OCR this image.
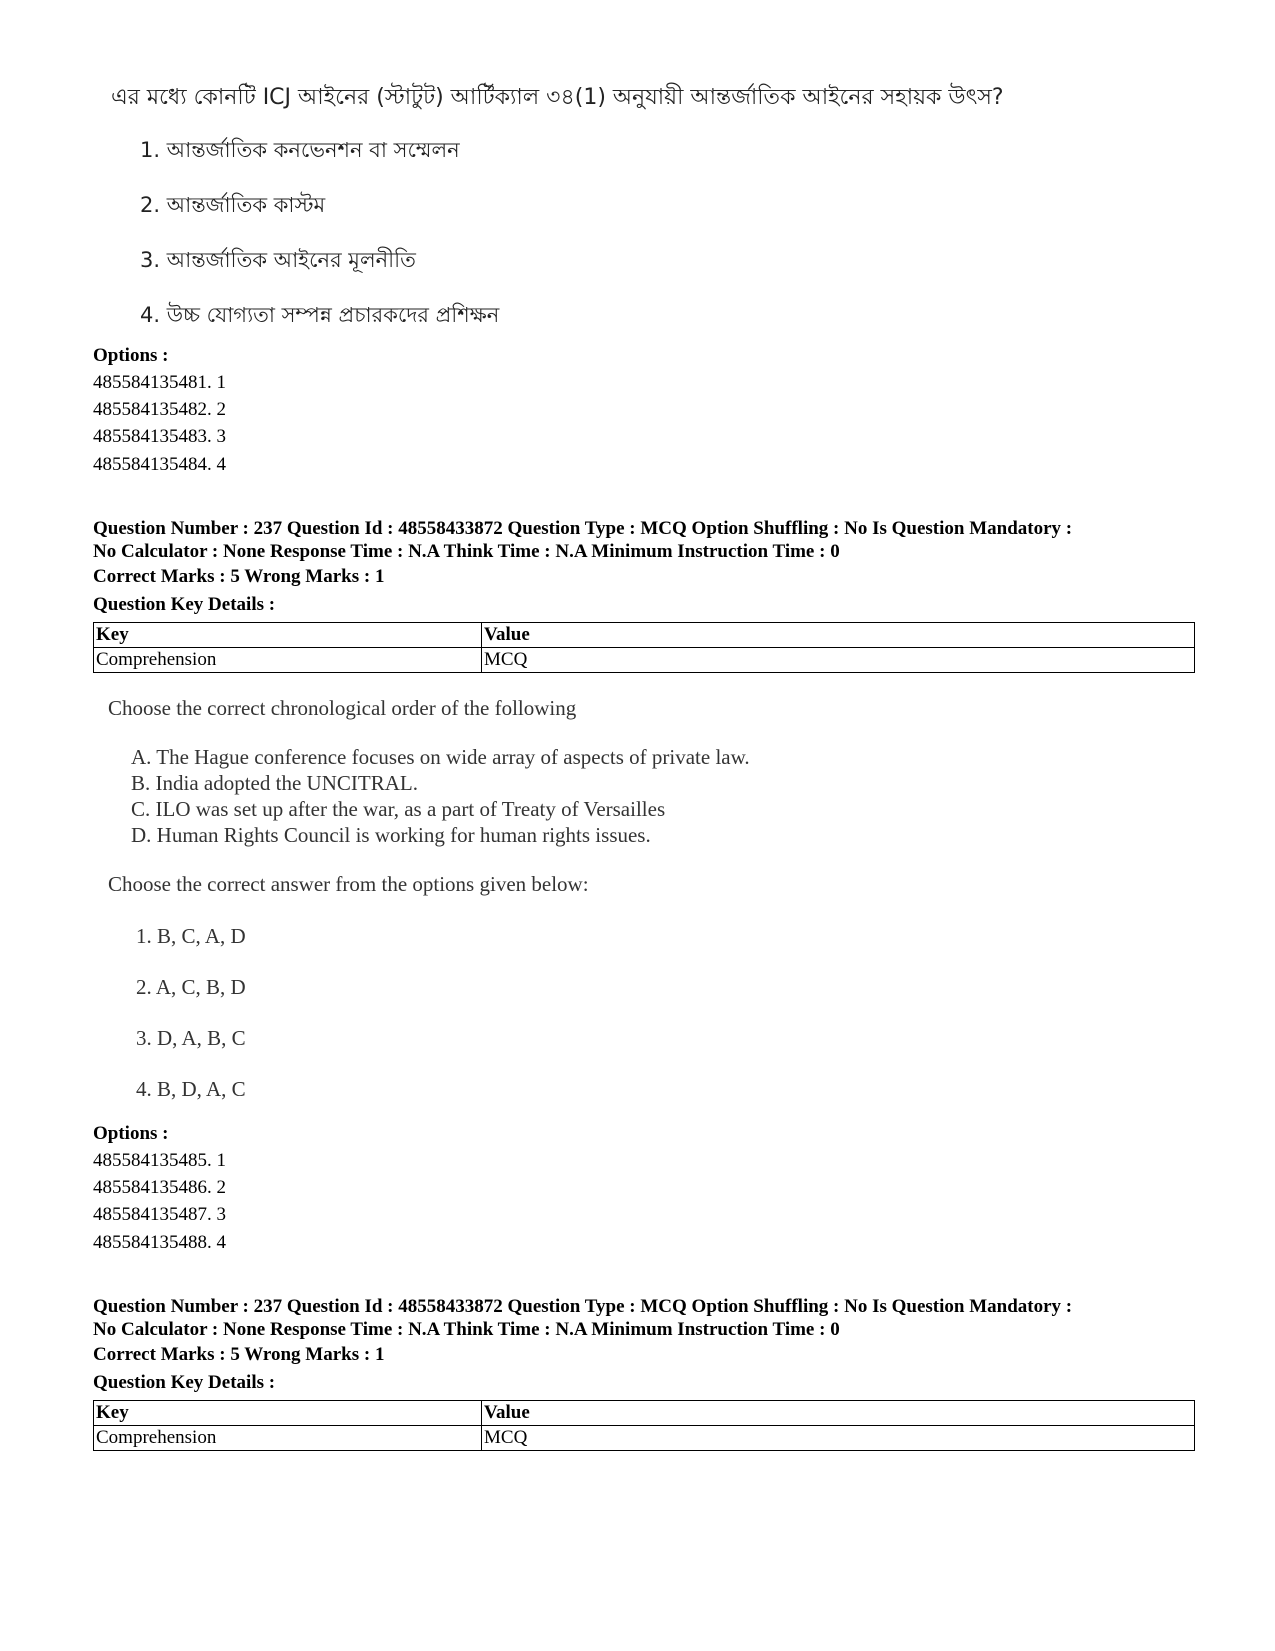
এর মধ্যে কোনটি ICJ আইনের (স্টাটুট) আর্টিক্যাল ৩৪(1) অনুযায়ী আন্তর্জাতিক আইনের সহায়ক উৎস?
1. আন্তর্জাতিক কনভেনশন বা সম্মেলন
2. আন্তর্জাতিক কাস্টম
3. আন্তর্জাতিক আইনের মূলনীতি
4. উচ্চ যোগ্যতা সম্পন্ন প্রচারকদের প্রশিক্ষন
Options :
485584135481. 1
485584135482. 2
485584135483. 3
485584135484. 4
Question Number : 237 Question Id : 48558433872 Question Type : MCQ Option Shuffling : No Is Question Mandatory :
No Calculator : None Response Time : N.A Think Time : N.A Minimum Instruction Time : 0
Correct Marks : 5 Wrong Marks : 1
Question Key Details :
Key	Value
Comprehension	MCQ
Choose the correct chronological order of the following
A. The Hague conference focuses on wide array of aspects of private law.
B. India adopted the UNCITRAL.
C. ILO was set up after the war, as a part of Treaty of Versailles
D. Human Rights Council is working for human rights issues.
Choose the correct answer from the options given below:
1. B, C, A, D
2. A, C, B, D
3. D, A, B, C
4. B, D, A, C
Options :
485584135485. 1
485584135486. 2
485584135487. 3
485584135488. 4
Question Number : 237 Question Id : 48558433872 Question Type : MCQ Option Shuffling : No Is Question Mandatory :
No Calculator : None Response Time : N.A Think Time : N.A Minimum Instruction Time : 0
Correct Marks : 5 Wrong Marks : 1
Question Key Details :
Key	Value
Comprehension	MCQ
